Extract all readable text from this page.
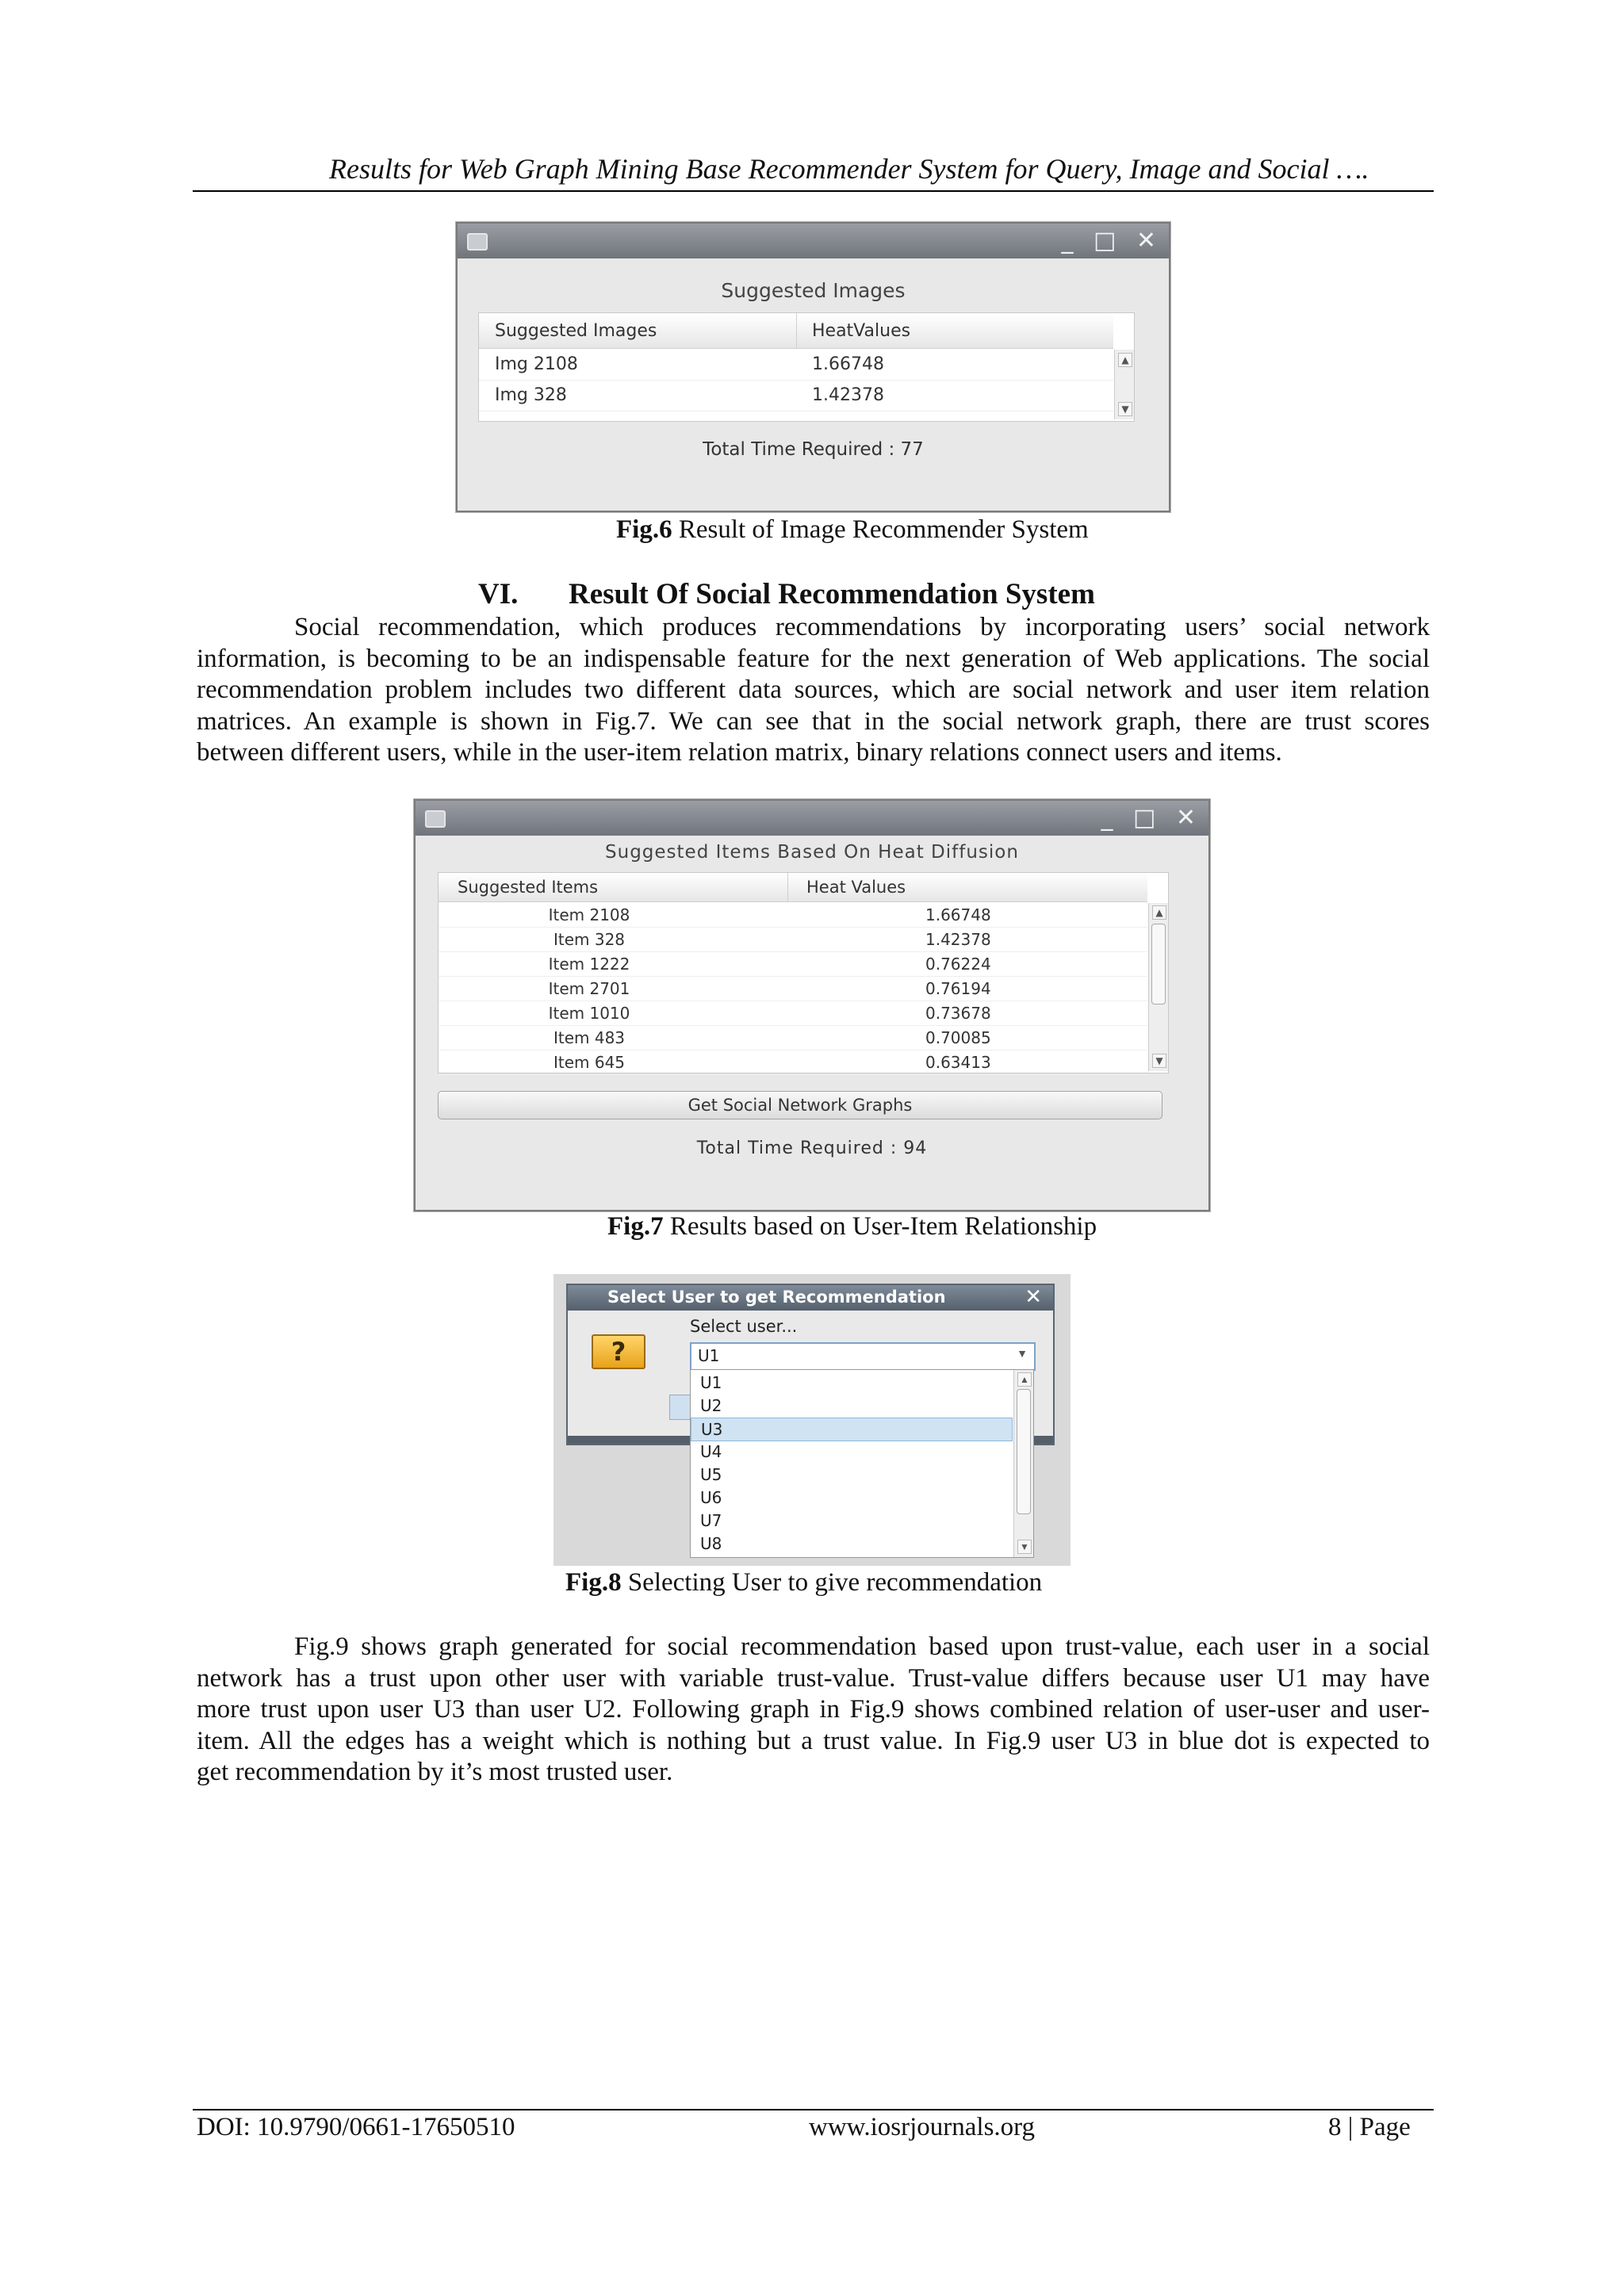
Results for Web Graph Mining Base Recommender System for Query, Image and Social ….
_ □ ✕
Suggested Images
Suggested Images	HeatValues
Img 2108	1.66748
Img 328	1.42378
▲
▼
Total Time Required : 77
Fig.6 Result of Image Recommender System
VI. Result Of Social Recommendation System
Social recommendation, which produces recommendations by incorporating users’ social network
information, is becoming to be an indispensable feature for the next generation of Web applications. The social
recommendation problem includes two different data sources, which are social network and user item relation
matrices. An example is shown in Fig.7. We can see that in the social network graph, there are trust scores
between different users, while in the user-item relation matrix, binary relations connect users and items.
_ □ ✕
Suggested Items Based On Heat Diffusion
Suggested Items	Heat Values
Item 2108	1.66748
Item 328	1.42378
Item 1222	0.76224
Item 2701	0.76194
Item 1010	0.73678
Item 483	0.70085
Item 645	0.63413
▲
▼
Get Social Network Graphs
Total Time Required : 94
Fig.7 Results based on User-Item Relationship
Select User to get Recommendation	✕
?
Select user...
U1	▼
U1
U2
U3
U4
U5
U6
U7
U8
▲
▼
Fig.8 Selecting User to give recommendation
Fig.9 shows graph generated for social recommendation based upon trust-value, each user in a social
network has a trust upon other user with variable trust-value. Trust-value differs because user U1 may have
more trust upon user U3 than user U2. Following graph in Fig.9 shows combined relation of user-user and user-
item. All the edges has a weight which is nothing but a trust value. In Fig.9 user U3 in blue dot is expected to
get recommendation by it’s most trusted user.
DOI: 10.9790/0661-17650510	www.iosrjournals.org	8 | Page
